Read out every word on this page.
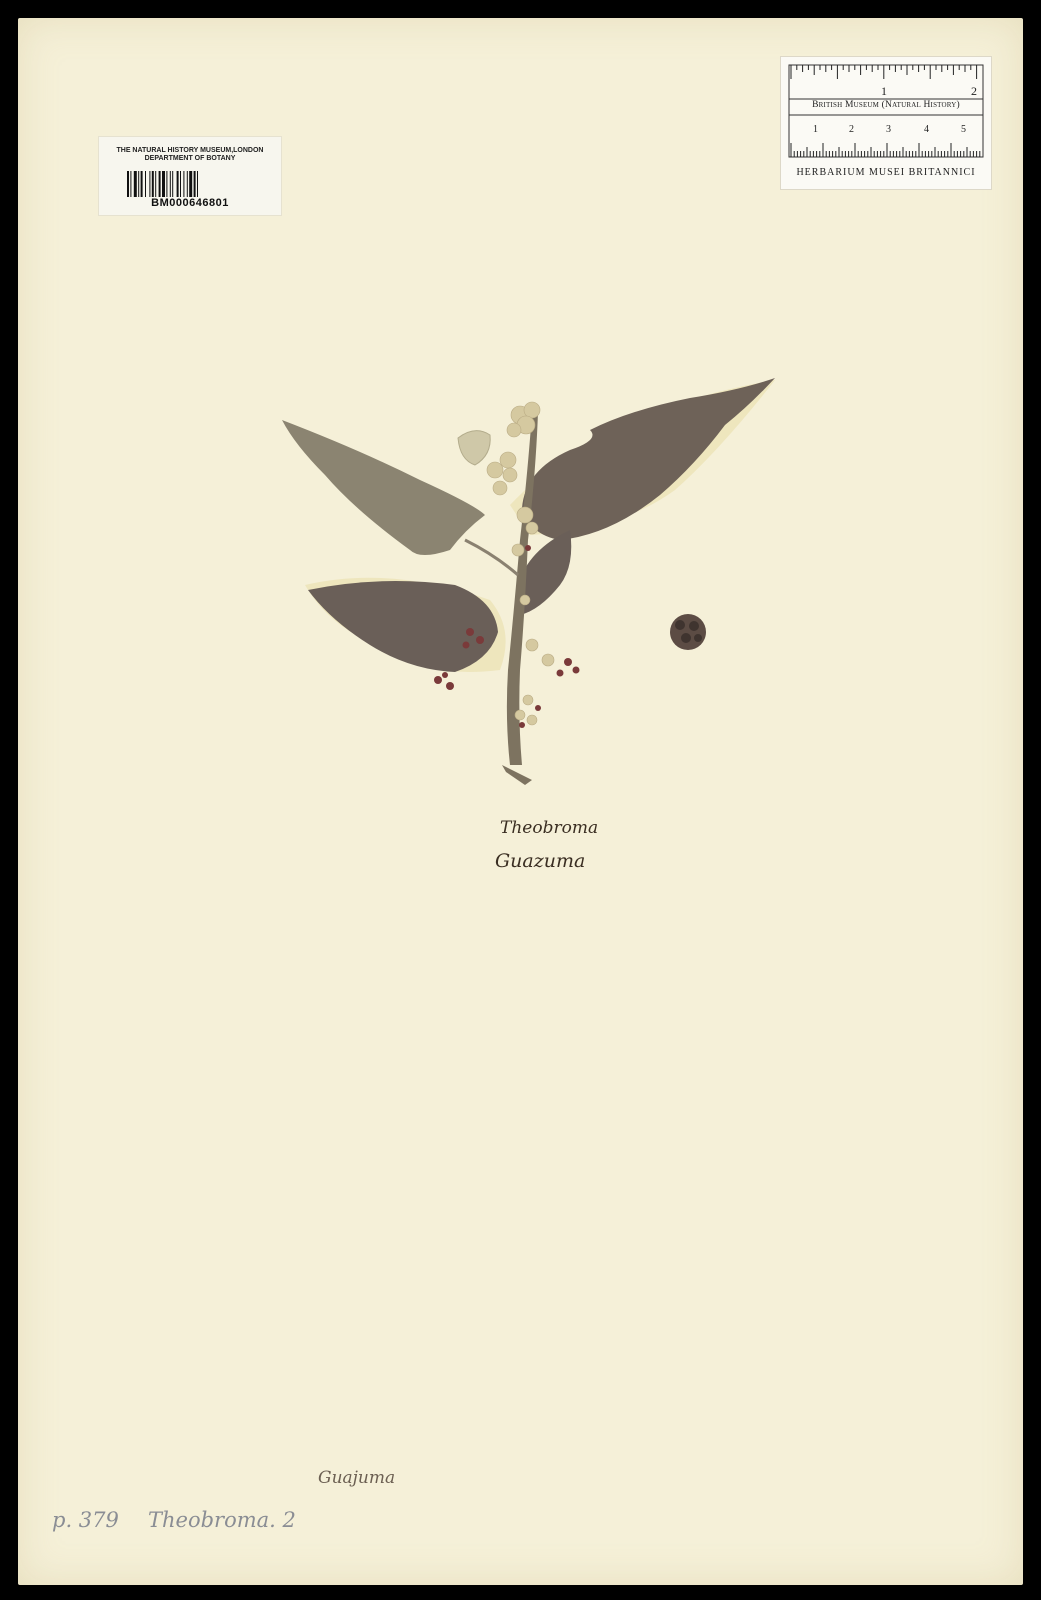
THE NATURAL HISTORY MUSEUM,LONDON
DEPARTMENT OF BOTANY
BM000646801
1	2
1	2	3	4	5
British Museum (Natural History)
HERBARIUM MUSEI BRITANNICI
Theobroma
Guazuma
Guajuma
p. 379 Theobroma. 2
